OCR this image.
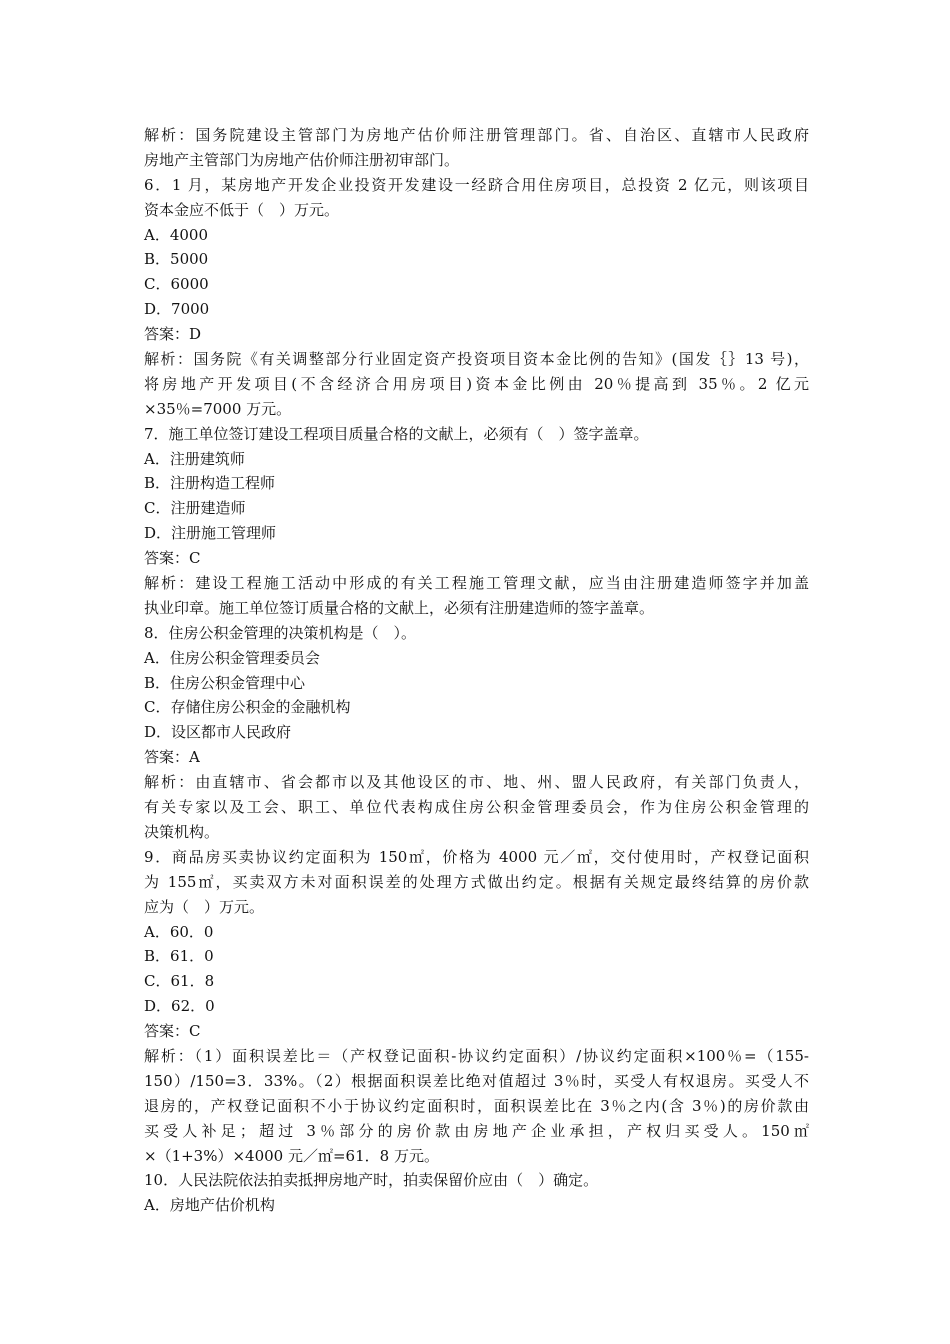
解析：国务院建设主管部门为房地产估价师注册管理部门。省、自治区、直辖市人民政府
房地产主管部门为房地产估价师注册初审部门。
6．1 月，某房地产开发企业投资开发建设一经跻合用住房项目，总投资 2 亿元，则该项目
资本金应不低于（　）万元。
A．4000
B．5000
C．6000
D．7000
答案：D
解析：国务院《有关调整部分行业固定资产投资项目资本金比例的告知》(国发｛｝13 号)，
将房地产开发项目(不含经济合用房项目)资本金比例由 20％提高到 35％。2 亿元
×35％=7000 万元。
7．施工单位签订建设工程项目质量合格的文献上，必须有（　）签字盖章。
A．注册建筑师
B．注册构造工程师
C．注册建造师
D．注册施工管理师
答案：C
解析：建设工程施工活动中形成的有关工程施工管理文献，应当由注册建造师签字并加盖
执业印章。施工单位签订质量合格的文献上，必须有注册建造师的签字盖章。
8．住房公积金管理的决策机构是（　）。
A．住房公积金管理委员会
B．住房公积金管理中心
C．存储住房公积金的金融机构
D．设区都市人民政府
答案：A
解析：由直辖市、省会都市以及其他设区的市、地、州、盟人民政府，有关部门负责人，
有关专家以及工会、职工、单位代表构成住房公积金管理委员会，作为住房公积金管理的
决策机构。
9．商品房买卖协议约定面积为 150㎡，价格为 4000 元／㎡，交付使用时，产权登记面积
为 155㎡，买卖双方未对面积误差的处理方式做出约定。根据有关规定最终结算的房价款
应为（　）万元。
A．60．0
B．61．0
C．61．8
D．62．0
答案：C
解析：（1）面积误差比＝（产权登记面积-协议约定面积）/协议约定面积×100％=（155-
150）/150=3．33%。（2）根据面积误差比绝对值超过 3％时，买受人有权退房。买受人不
退房的，产权登记面积不小于协议约定面积时，面积误差比在 3％之内(含 3％)的房价款由
买受人补足；超过 3％部分的房价款由房地产企业承担，产权归买受人。150㎡
×（1+3%）×4000 元／㎡=61．8 万元。
10．人民法院依法拍卖抵押房地产时，拍卖保留价应由（　）确定。
A．房地产估价机构
